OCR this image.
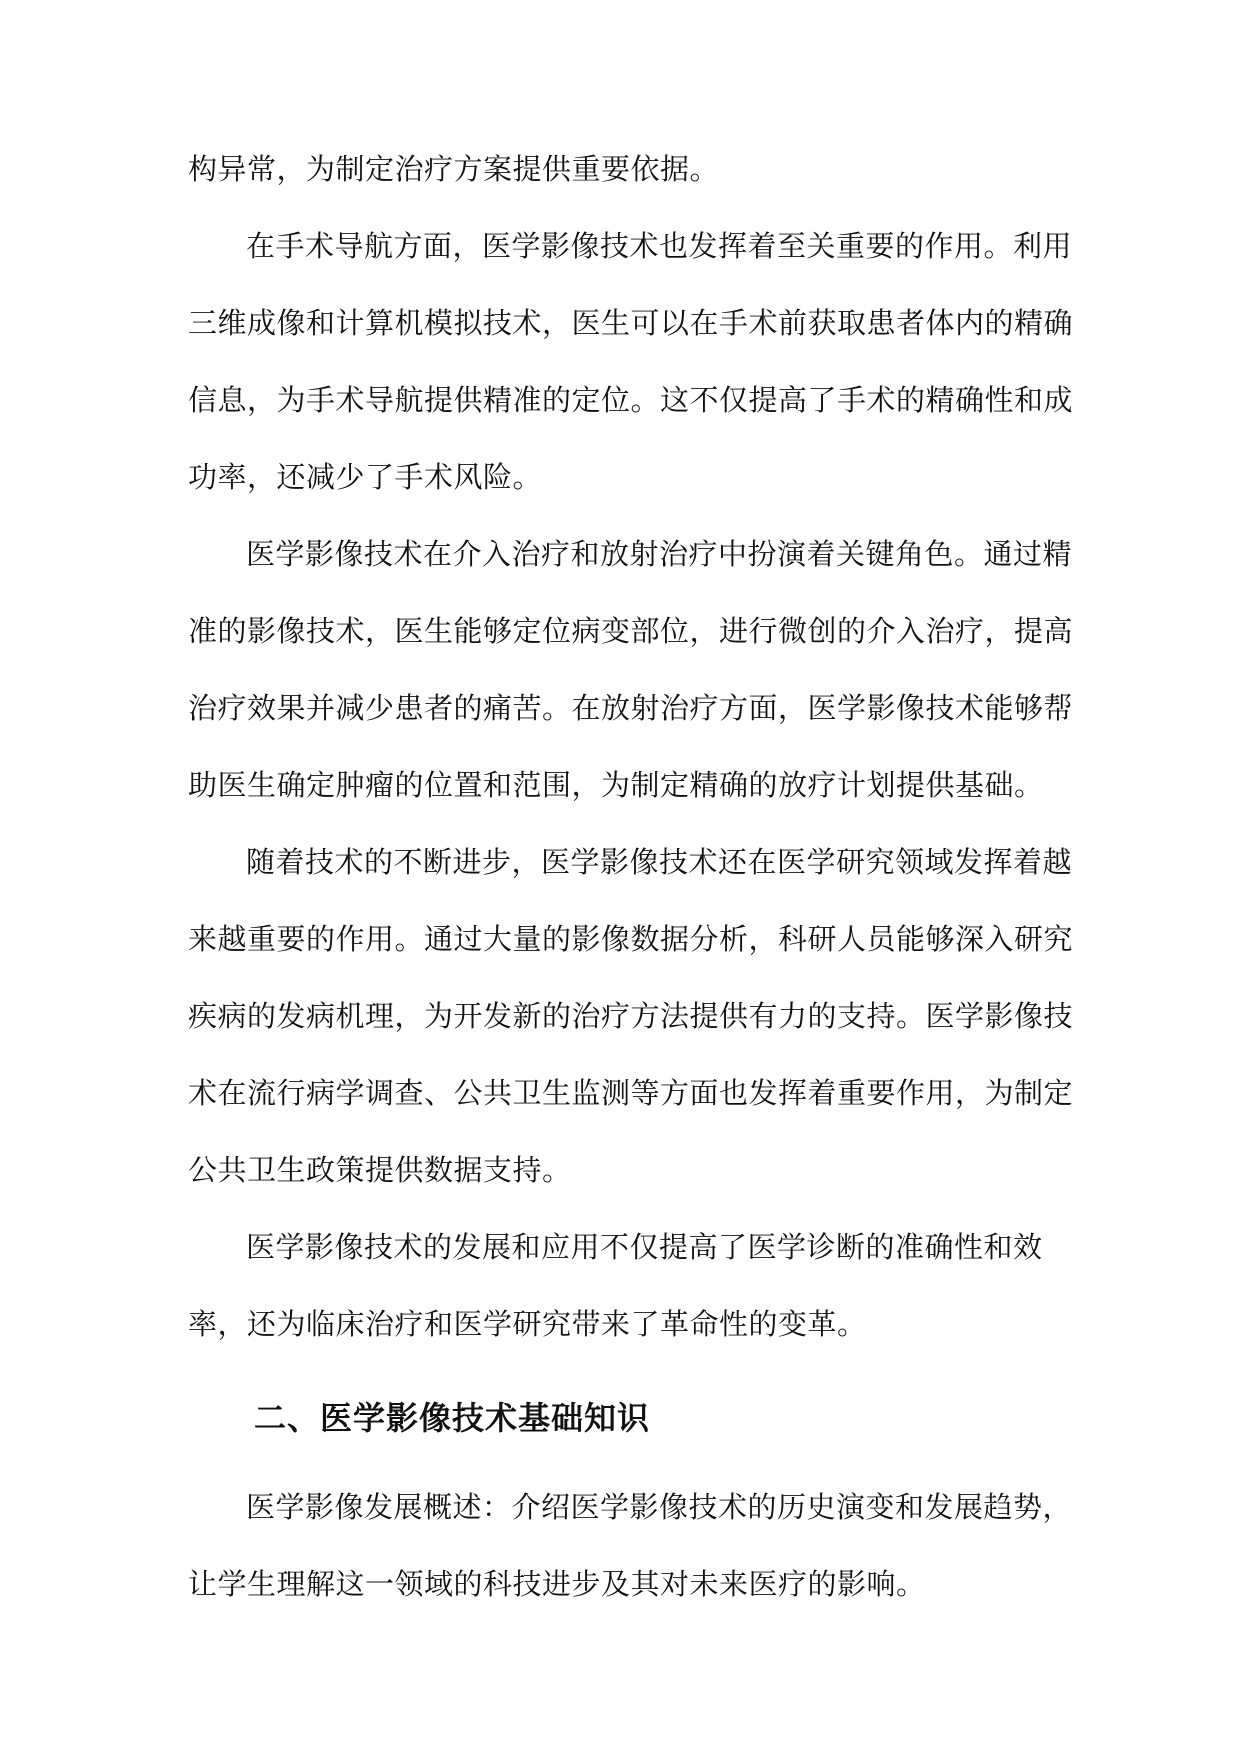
构异常，为制定治疗方案提供重要依据。
在手术导航方面，医学影像技术也发挥着至关重要的作用。利用
三维成像和计算机模拟技术，医生可以在手术前获取患者体内的精确
信息，为手术导航提供精准的定位。这不仅提高了手术的精确性和成
功率，还减少了手术风险。
医学影像技术在介入治疗和放射治疗中扮演着关键角色。通过精
准的影像技术，医生能够定位病变部位，进行微创的介入治疗，提高
治疗效果并减少患者的痛苦。在放射治疗方面，医学影像技术能够帮
助医生确定肿瘤的位置和范围，为制定精确的放疗计划提供基础。
随着技术的不断进步，医学影像技术还在医学研究领域发挥着越
来越重要的作用。通过大量的影像数据分析，科研人员能够深入研究
疾病的发病机理，为开发新的治疗方法提供有力的支持。医学影像技
术在流行病学调查、公共卫生监测等方面也发挥着重要作用，为制定
公共卫生政策提供数据支持。
医学影像技术的发展和应用不仅提高了医学诊断的准确性和效
率，还为临床治疗和医学研究带来了革命性的变革。
二、医学影像技术基础知识
医学影像发展概述：介绍医学影像技术的历史演变和发展趋势，
让学生理解这一领域的科技进步及其对未来医疗的影响。
